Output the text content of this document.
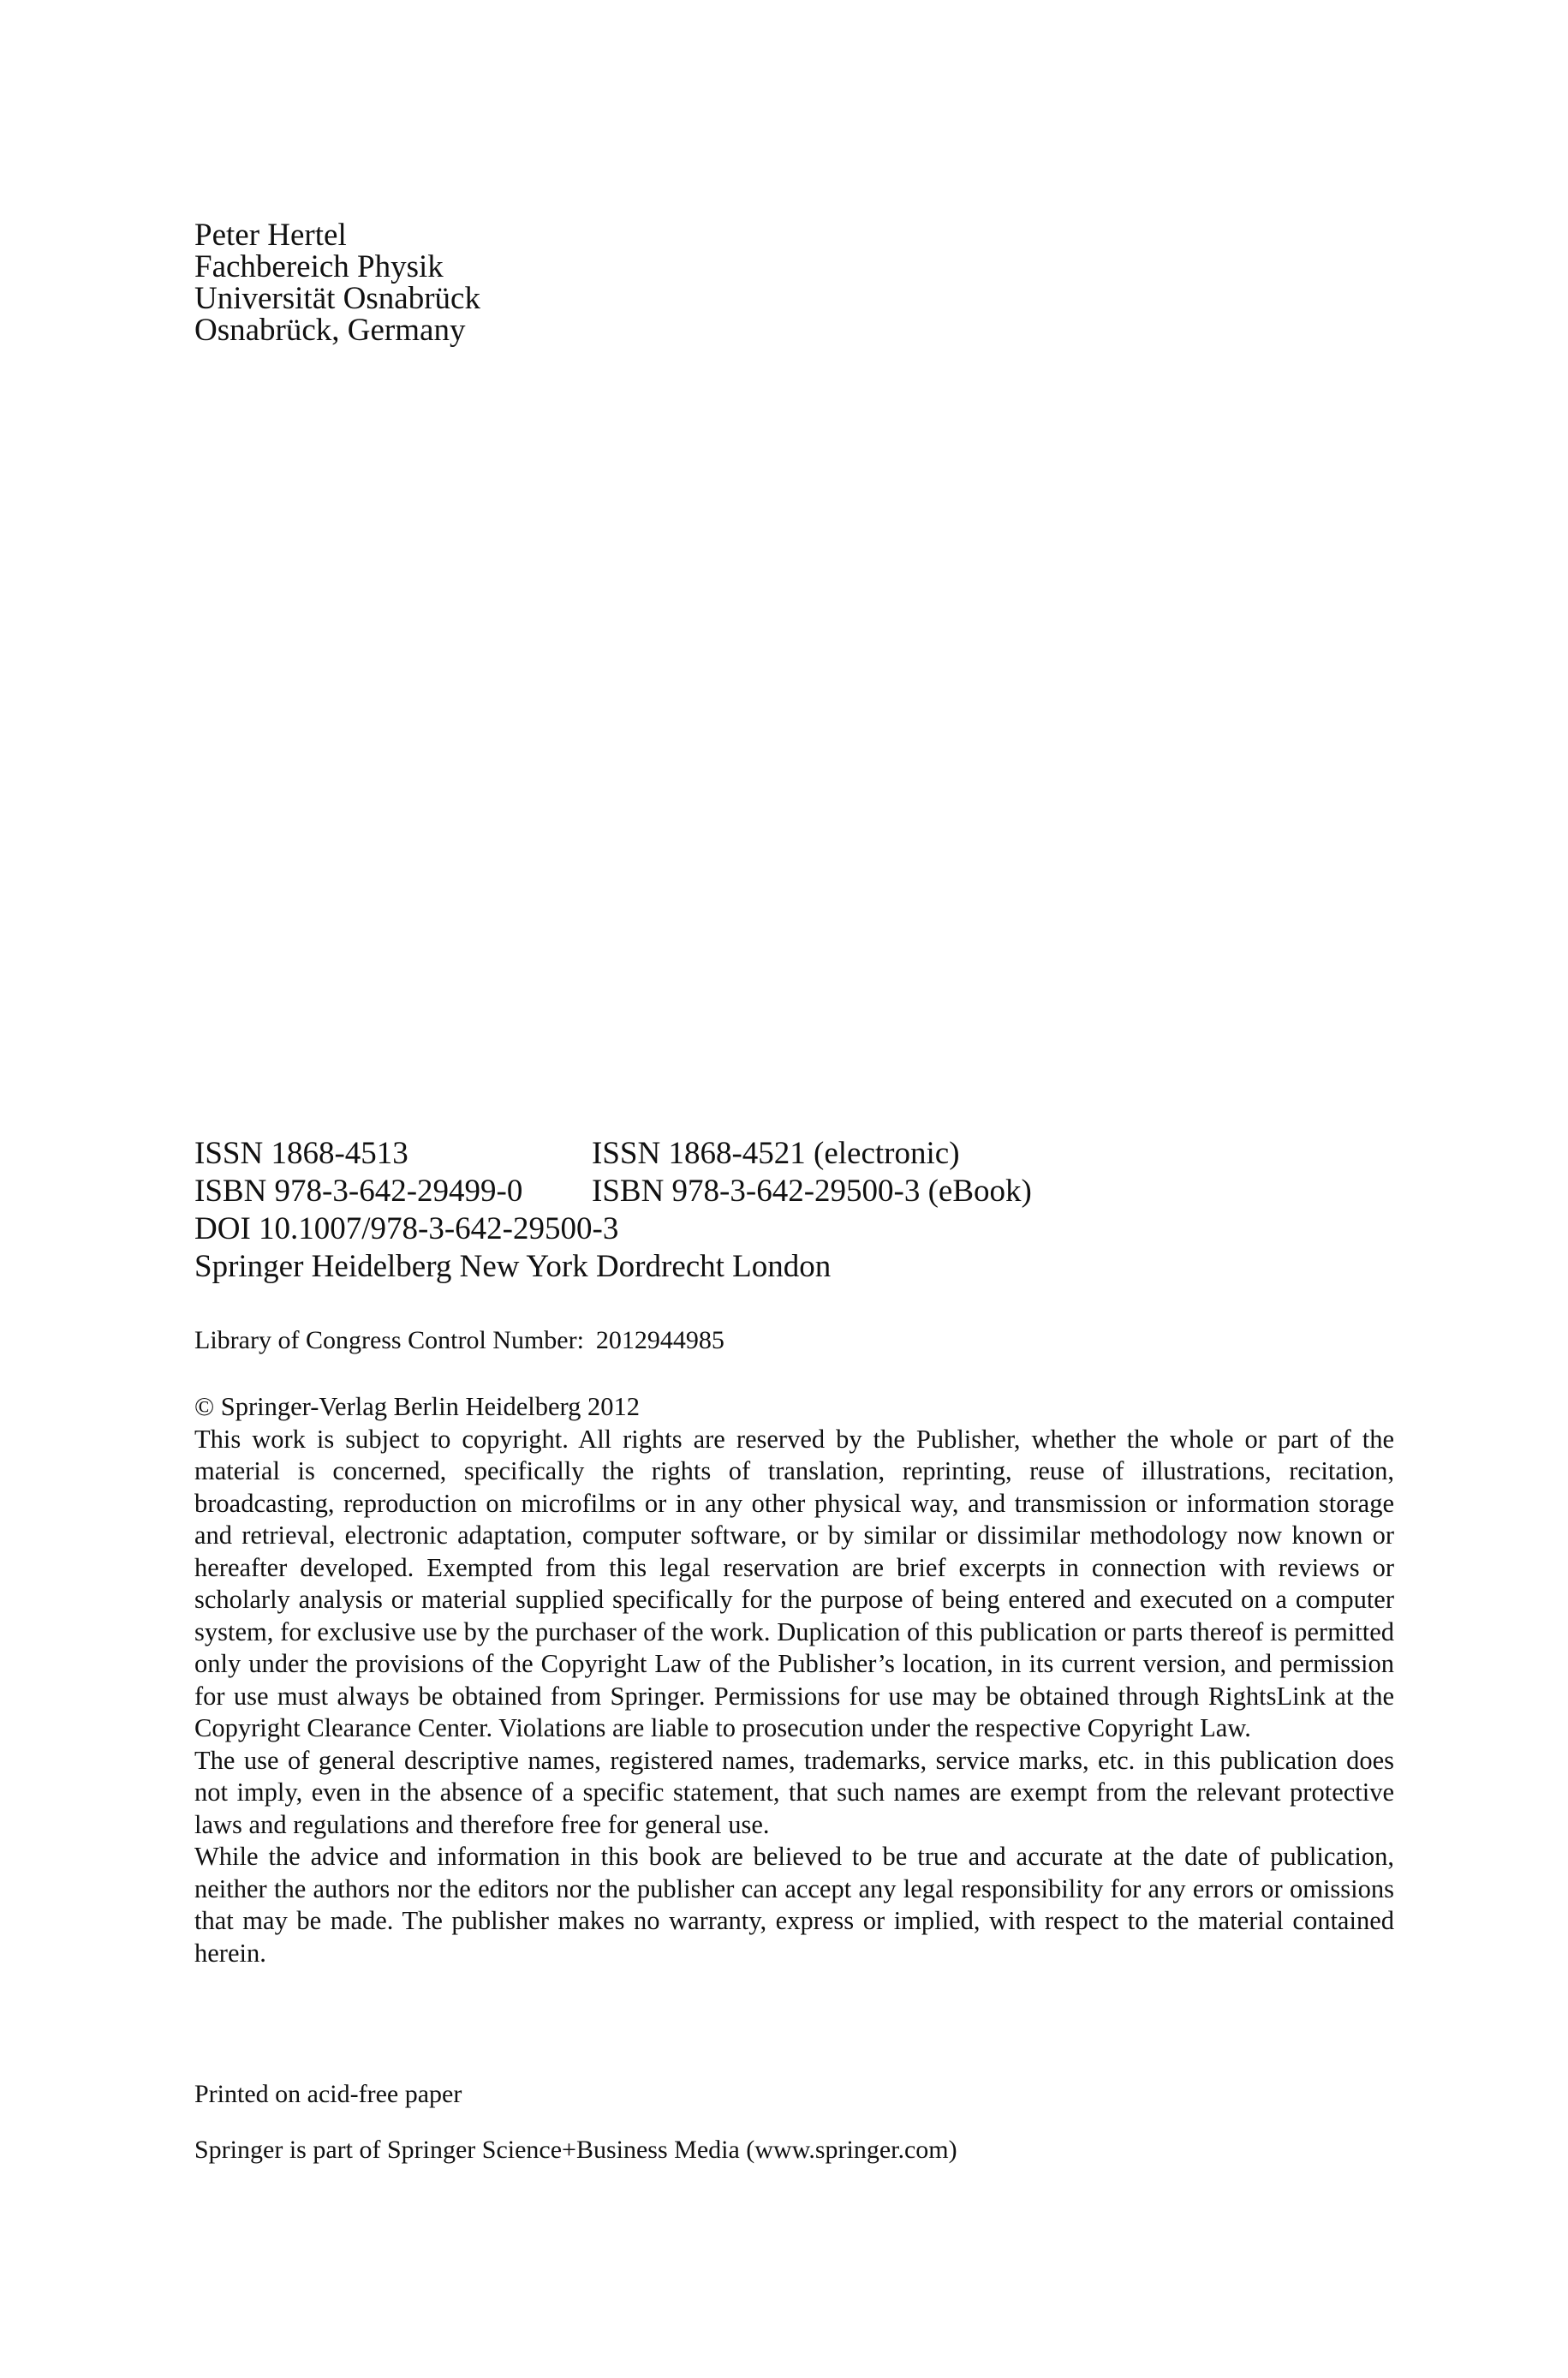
Peter Hertel
Fachbereich Physik
Universität Osnabrück
Osnabrück, Germany
ISSN 1868-4513	ISSN 1868-4521 (electronic)
ISBN 978-3-642-29499-0	ISBN 978-3-642-29500-3 (eBook)
DOI 10.1007/978-3-642-29500-3
Springer Heidelberg New York Dordrecht London
Library of Congress Control Number: 2012944985

© Springer-Verlag Berlin Heidelberg 2012

This work is subject to copyright. All rights are reserved by the Publisher, whether the whole or part of the material is concerned, specifically the rights of translation, reprinting, reuse of illustrations, recitation, broadcasting, reproduction on microfilms or in any other physical way, and transmission or information storage and retrieval, electronic adaptation, computer software, or by similar or dissimilar methodology now known or hereafter developed. Exempted from this legal reservation are brief excerpts in connection with reviews or scholarly analysis or material supplied specifically for the purpose of being entered and executed on a computer system, for exclusive use by the purchaser of the work. Duplication of this publication or parts thereof is permitted only under the provisions of the Copyright Law of the Publisher’s location, in its current version, and permission for use must always be obtained from Springer. Permissions for use may be obtained through RightsLink at the Copyright Clearance Center. Violations are liable to prosecution under the respective Copyright Law.

The use of general descriptive names, registered names, trademarks, service marks, etc. in this publication does not imply, even in the absence of a specific statement, that such names are exempt from the relevant protective laws and regulations and therefore free for general use.

While the advice and information in this book are believed to be true and accurate at the date of publication, neither the authors nor the editors nor the publisher can accept any legal responsibility for any errors or omissions that may be made. The publisher makes no warranty, express or implied, with respect to the material contained herein.

Printed on acid-free paper
Springer is part of Springer Science+Business Media (www.springer.com)
